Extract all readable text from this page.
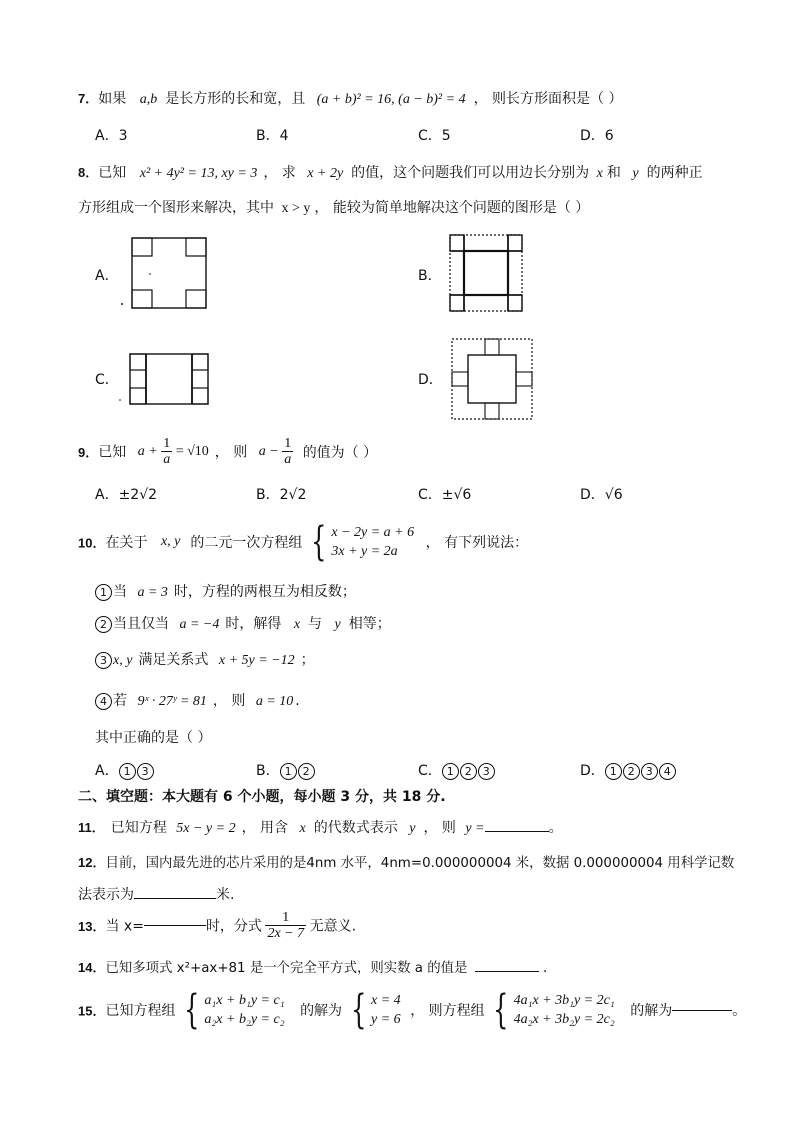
7．如果 a,b 是长方形的长和宽，且 (a + b)² = 16, (a − b)² = 4 ， 则长方形面积是（ ）
A．3	B．4	C．5	D．6
8．已知 x² + 4y² = 13, xy = 3 ， 求 x + 2y 的值，这个问题我们可以用边长分别为 x 和 y 的两种正
方形组成一个图形来解决，其中 x > y ， 能较为简单地解决这个问题的图形是（ ）
A．	B．
C．	D．
9．已知 $a + \frac{1}{a} = √10$ ， 则 $a - \frac{1}{a}$ 的值为（ ）
A．±2√2	B．2√2	C．±√6	D．√6
10．在关于 x, y 的二元一次方程组 { x − 2y = a + 6
3x + y = 2a
， 有下列说法：
1 当 a = 3 时，方程的两根互为相反数；
2 当且仅当 a = −4 时，解得 x 与 y 相等；
3 x, y 满足关系式 x + 5y = −12 ；
4 若 9ˣ · 27ʸ = 81 ， 则 a = 10 .
其中正确的是（ ）
A． 1 3	B． 1 2	C． 1 2 3	D． 1 2 3 4
二、填空题：本大题有 6 个小题，每小题 3 分，共 18 分.
11． 已知方程 5x − y = 2 ， 用含 x 的代数式表示 y ， 则 y =	。
12．目前，国内最先进的芯片采用的是4nm 水平，4nm=0.000000004 米，数据 0.000000004 用科学记数
法表示为	米.
13．当 x=	时，分式 $\frac{1}{2x - 7}$ 无意义.
14．已知多项式 x²+ax+81 是一个完全平方式，则实数 a 的值是	.
15．已知方程组 { a₁x + b₁y = c₁
a₂x + b₂y = c₂
的解为 { x = 4
y = 6
， 则方程组 { 4a₁x + 3b₁y = 2c₁
4a₂x + 3b₂y = 2c₂
的解为	。
